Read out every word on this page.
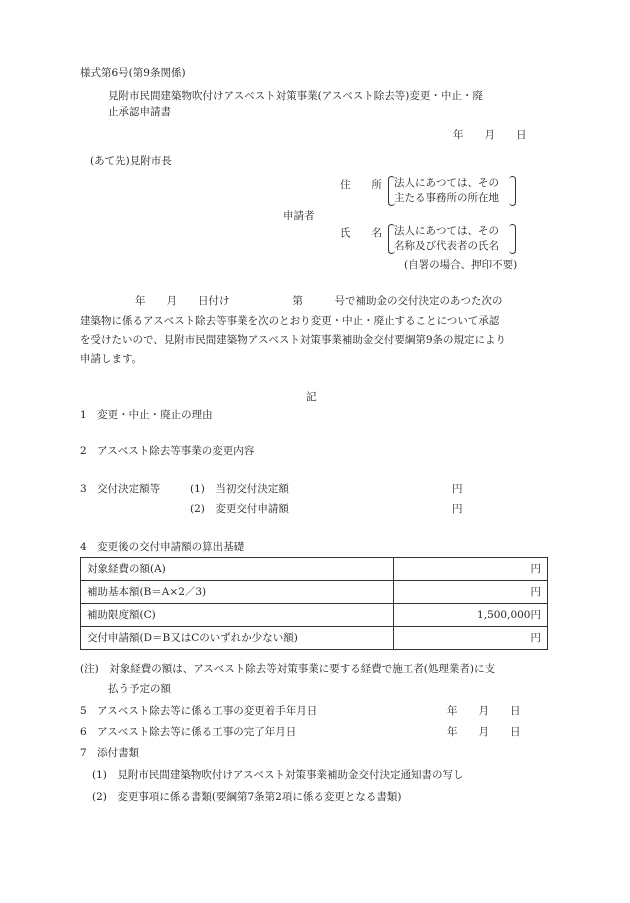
様式第6号(第9条関係)
見附市民間建築物吹付けアスベスト対策事業(アスベスト除去等)変更・中止・廃
止承認申請書
年　　月　　日
(あて先)見附市長
住　　所 法人にあつては、その
主たる事務所の所在地
申請者
氏　　名 法人にあつては、その
名称及び代表者の氏名
(自署の場合、押印不要)
年　　月　　日付け　　　　　　第　　　号で補助金の交付決定のあつた次の
建築物に係るアスベスト除去等事業を次のとおり変更・中止・廃止することについて承認
を受けたいので、見附市民間建築物アスベスト対策事業補助金交付要綱第9条の規定により
申請します。
記
1　変更・中止・廃止の理由
2　アスベスト除去等事業の変更内容
3　交付決定額等	(1)　当初交付決定額	円
(2)　変更交付申請額	円
4　変更後の交付申請額の算出基礎
対象経費の額(A)	円
補助基本額(B＝A×2／3)	円
補助限度額(C)	1,500,000円
交付申請額(D＝B又はCのいずれか少ない額)	円
(注)　対象経費の額は、アスベスト除去等対策事業に要する経費で施工者(処理業者)に支
払う予定の額
5　アスベスト除去等に係る工事の変更着手年月日	年　　月　　日
6　アスベスト除去等に係る工事の完了年月日	年　　月　　日
7　添付書類
(1)　見附市民間建築物吹付けアスベスト対策事業補助金交付決定通知書の写し
(2)　変更事項に係る書類(要綱第7条第2項に係る変更となる書類)
